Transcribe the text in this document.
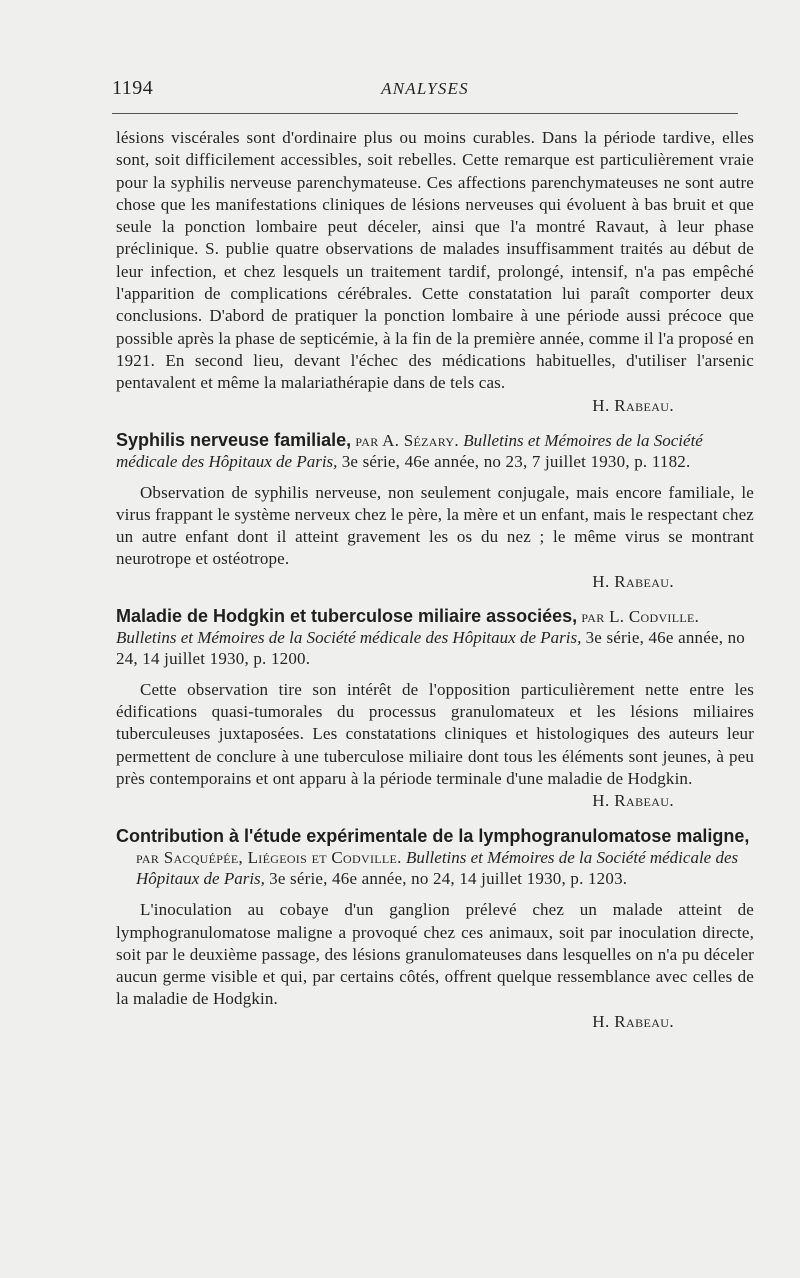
1194	ANALYSES

lésions viscérales sont d'ordinaire plus ou moins curables. Dans la période tardive, elles sont, soit difficilement accessibles, soit rebelles. Cette remarque est particulièrement vraie pour la syphilis nerveuse parenchymateuse. Ces affections parenchymateuses ne sont autre chose que les manifestations cliniques de lésions nerveuses qui évoluent à bas bruit et que seule la ponction lombaire peut déceler, ainsi que l'a montré Ravaut, à leur phase préclinique. S. publie quatre observations de malades insuffisamment traités au début de leur infection, et chez lesquels un traitement tardif, prolongé, intensif, n'a pas empêché l'apparition de complications cérébrales. Cette constatation lui paraît comporter deux conclusions. D'abord de pratiquer la ponction lombaire à une période aussi précoce que possible après la phase de septicémie, à la fin de la première année, comme il l'a proposé en 1921. En second lieu, devant l'échec des médications habituelles, d'utiliser l'arsenic pentavalent et même la malariathérapie dans de tels cas.

H. Rabeau.
Syphilis nerveuse familiale, par A. Sézary. Bulletins et Mémoires de la Société médicale des Hôpitaux de Paris, 3e série, 46e année, no 23, 7 juillet 1930, p. 1182.

Observation de syphilis nerveuse, non seulement conjugale, mais encore familiale, le virus frappant le système nerveux chez le père, la mère et un enfant, mais le respectant chez un autre enfant dont il atteint gravement les os du nez ; le même virus se montrant neurotrope et ostéotrope.

H. Rabeau.
Maladie de Hodgkin et tuberculose miliaire associées, par L. Codville. Bulletins et Mémoires de la Société médicale des Hôpitaux de Paris, 3e série, 46e année, no 24, 14 juillet 1930, p. 1200.

Cette observation tire son intérêt de l'opposition particulièrement nette entre les édifications quasi-tumorales du processus granulomateux et les lésions miliaires tuberculeuses juxtaposées. Les constatations cliniques et histologiques des auteurs leur permettent de conclure à une tuberculose miliaire dont tous les éléments sont jeunes, à peu près contemporains et ont apparu à la période terminale d'une maladie de Hodgkin.

H. Rabeau.
Contribution à l'étude expérimentale de la lymphogranulomatose maligne,
par Sacquépée, Liégeois et Codville. Bulletins et Mémoires de la Société médicale des Hôpitaux de Paris, 3e série, 46e année, no 24, 14 juillet 1930, p. 1203.

L'inoculation au cobaye d'un ganglion prélevé chez un malade atteint de lymphogranulomatose maligne a provoqué chez ces animaux, soit par inoculation directe, soit par le deuxième passage, des lésions granulomateuses dans lesquelles on n'a pu déceler aucun germe visible et qui, par certains côtés, offrent quelque ressemblance avec celles de la maladie de Hodgkin.

H. Rabeau.
